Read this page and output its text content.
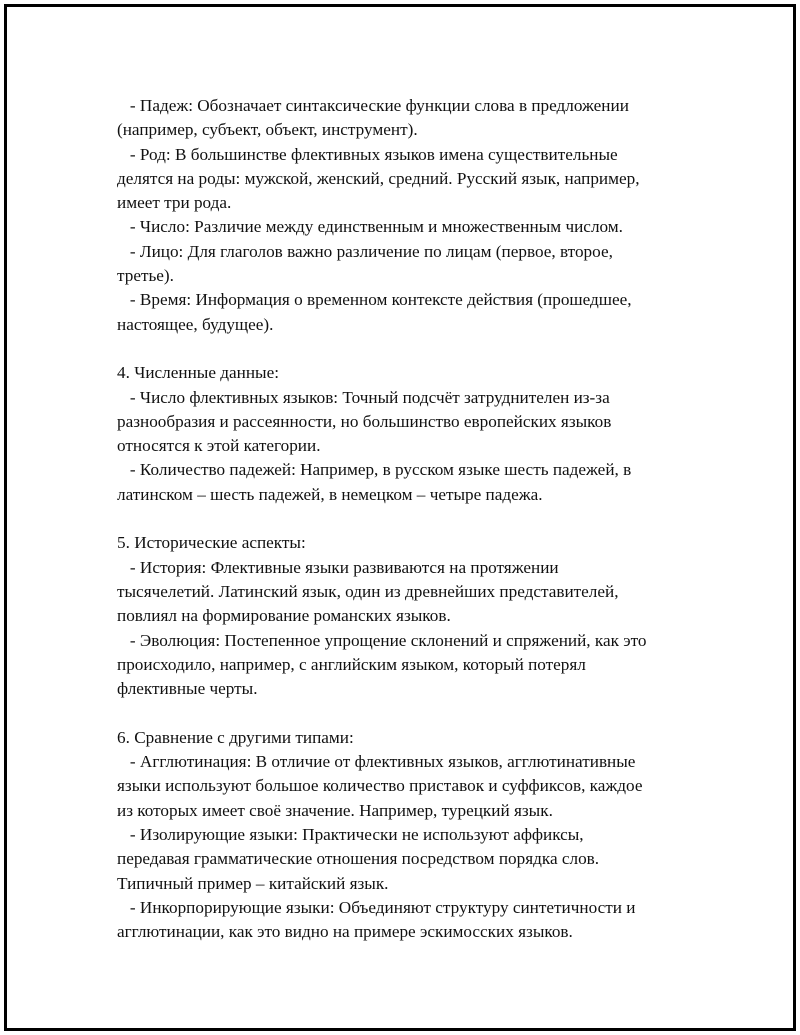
- Падеж: Обозначает синтаксические функции слова в предложении
(например, субъект, объект, инструмент).
- Род: В большинстве флективных языков имена существительные
делятся на роды: мужской, женский, средний. Русский язык, например,
имеет три рода.
- Число: Различие между единственным и множественным числом.
- Лицо: Для глаголов важно различение по лицам (первое, второе,
третье).
- Время: Информация о временном контексте действия (прошедшее,
настоящее, будущее).
4. Численные данные:
- Число флективных языков: Точный подсчёт затруднителен из-за
разнообразия и рассеянности, но большинство европейских языков
относятся к этой категории.
- Количество падежей: Например, в русском языке шесть падежей, в
латинском – шесть падежей, в немецком – четыре падежа.
5. Исторические аспекты:
- История: Флективные языки развиваются на протяжении
тысячелетий. Латинский язык, один из древнейших представителей,
повлиял на формирование романских языков.
- Эволюция: Постепенное упрощение склонений и спряжений, как это
происходило, например, с английским языком, который потерял
флективные черты.
6. Сравнение с другими типами:
- Агглютинация: В отличие от флективных языков, агглютинативные
языки используют большое количество приставок и суффиксов, каждое
из которых имеет своё значение. Например, турецкий язык.
- Изолирующие языки: Практически не используют аффиксы,
передавая грамматические отношения посредством порядка слов.
Типичный пример – китайский язык.
- Инкорпорирующие языки: Объединяют структуру синтетичности и
агглютинации, как это видно на примере эскимосских языков.
